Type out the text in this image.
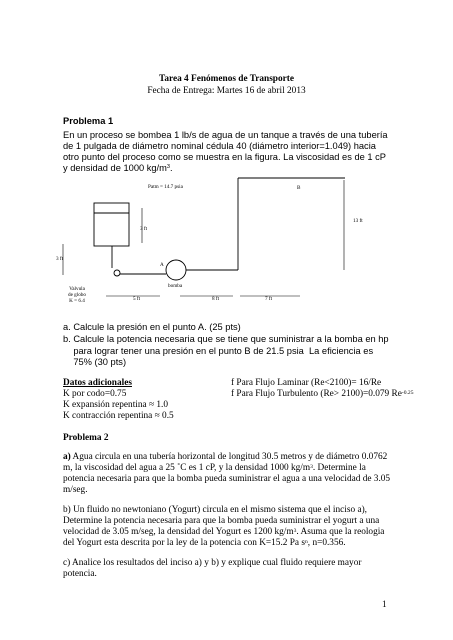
Tarea 4 Fenómenos de Transporte
Fecha de Entrega: Martes 16 de abril 2013
Problema 1
En un proceso se bombea 1 lb/s de agua de un tanque a través de una tubería
de 1 pulgada de diámetro nominal cédula 40 (diámetro interior=1.049) hacia
otro punto del proceso como se muestra en la figura. La viscosidad es de 1 cP
y densidad de 1000 $kg/m^3$.
Patm = 14.7 psia	B
13 ft
3 ft
3 ft
A
bomba
Valvula
de globo
K = 6.4	5 ft	8 ft	7 ft
a. Calcule la presión en el punto A. (25 pts)
b. Calcule la potencia necesaria que se tiene que suministrar a la bomba en hp
para lograr tener una presión en el punto B de 21.5 psia  La eficiencia es
75% (30 pts)
Datos adicionales
K por codo=0.75
K expansión repentina ≈ 1.0
K contracción repentina ≈ 0.5
f Para Flujo Laminar (Re<2100)= 16/Re
f Para Flujo Turbulento (Re> 2100)=0.079 $Re^{-0.25}$
Problema 2
a) Agua circula en una tubería horizontal de longitud 30.5 metros y de diámetro 0.0762
m, la viscosidad del agua a 25 ˚C es 1 cP, y la densidad 1000 $kg/m^3$. Determine la
potencia necesaria para que la bomba pueda suministrar el agua a una velocidad de 3.05
m/seg.
b) Un fluido no newtoniano (Yogurt) circula en el mismo sistema que el inciso a),
Determine la potencia necesaria para que la bomba pueda suministrar el yogurt a una
velocidad de 3.05 m/seg, la densidad del Yogurt es 1200 $kg/m^3$. Asuma que la reologia
del Yogurt esta descrita por la ley de la potencia con K=15.2 Pa $s^n$, n=0.356.
c) Analice los resultados del inciso a) y b) y explique cual fluido requiere mayor
potencia.
1
